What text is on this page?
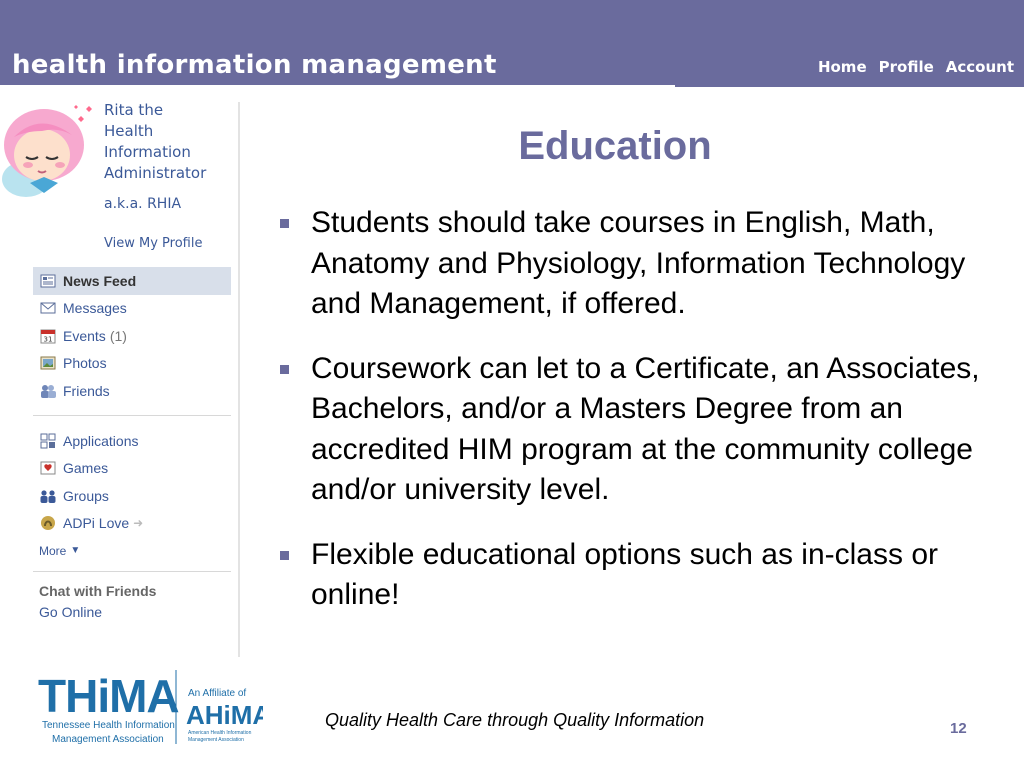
health information management	Home Profile Account
Rita the
Health
Information
Administrator
a.k.a. RHIA
View My Profile
News Feed
Messages
31 Events (1)
Photos
Friends
Applications
Games
Groups
ADPi Love ➜
More ▼
Chat with Friends
Go Online
Education
Students should take courses in English, Math, Anatomy and Physiology, Information Technology and Management, if offered.
Coursework can let to a Certificate, an Associates, Bachelors, and/or a Masters Degree from an accredited HIM program at the community college and/or university level.
Flexible educational options such as in-class or online!
THiMA
Tennessee Health Information
Management Association
An Affiliate of
AHiMA
American Health Information
Management Association
Quality Health Care through Quality Information	12
